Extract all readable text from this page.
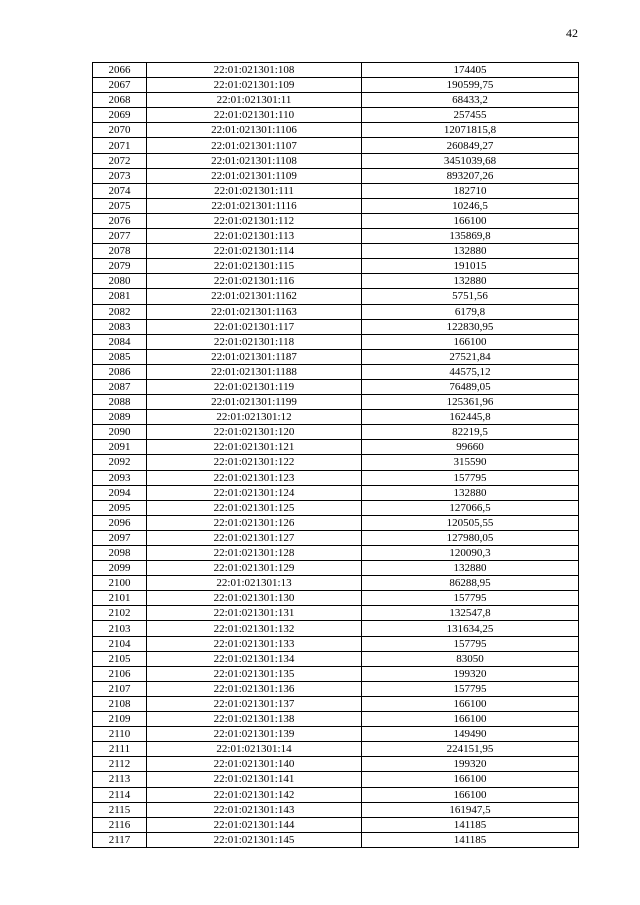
42
2066	22:01:021301:108	174405
2067	22:01:021301:109	190599,75
2068	22:01:021301:11	68433,2
2069	22:01:021301:110	257455
2070	22:01:021301:1106	12071815,8
2071	22:01:021301:1107	260849,27
2072	22:01:021301:1108	3451039,68
2073	22:01:021301:1109	893207,26
2074	22:01:021301:111	182710
2075	22:01:021301:1116	10246,5
2076	22:01:021301:112	166100
2077	22:01:021301:113	135869,8
2078	22:01:021301:114	132880
2079	22:01:021301:115	191015
2080	22:01:021301:116	132880
2081	22:01:021301:1162	5751,56
2082	22:01:021301:1163	6179,8
2083	22:01:021301:117	122830,95
2084	22:01:021301:118	166100
2085	22:01:021301:1187	27521,84
2086	22:01:021301:1188	44575,12
2087	22:01:021301:119	76489,05
2088	22:01:021301:1199	125361,96
2089	22:01:021301:12	162445,8
2090	22:01:021301:120	82219,5
2091	22:01:021301:121	99660
2092	22:01:021301:122	315590
2093	22:01:021301:123	157795
2094	22:01:021301:124	132880
2095	22:01:021301:125	127066,5
2096	22:01:021301:126	120505,55
2097	22:01:021301:127	127980,05
2098	22:01:021301:128	120090,3
2099	22:01:021301:129	132880
2100	22:01:021301:13	86288,95
2101	22:01:021301:130	157795
2102	22:01:021301:131	132547,8
2103	22:01:021301:132	131634,25
2104	22:01:021301:133	157795
2105	22:01:021301:134	83050
2106	22:01:021301:135	199320
2107	22:01:021301:136	157795
2108	22:01:021301:137	166100
2109	22:01:021301:138	166100
2110	22:01:021301:139	149490
2111	22:01:021301:14	224151,95
2112	22:01:021301:140	199320
2113	22:01:021301:141	166100
2114	22:01:021301:142	166100
2115	22:01:021301:143	161947,5
2116	22:01:021301:144	141185
2117	22:01:021301:145	141185
